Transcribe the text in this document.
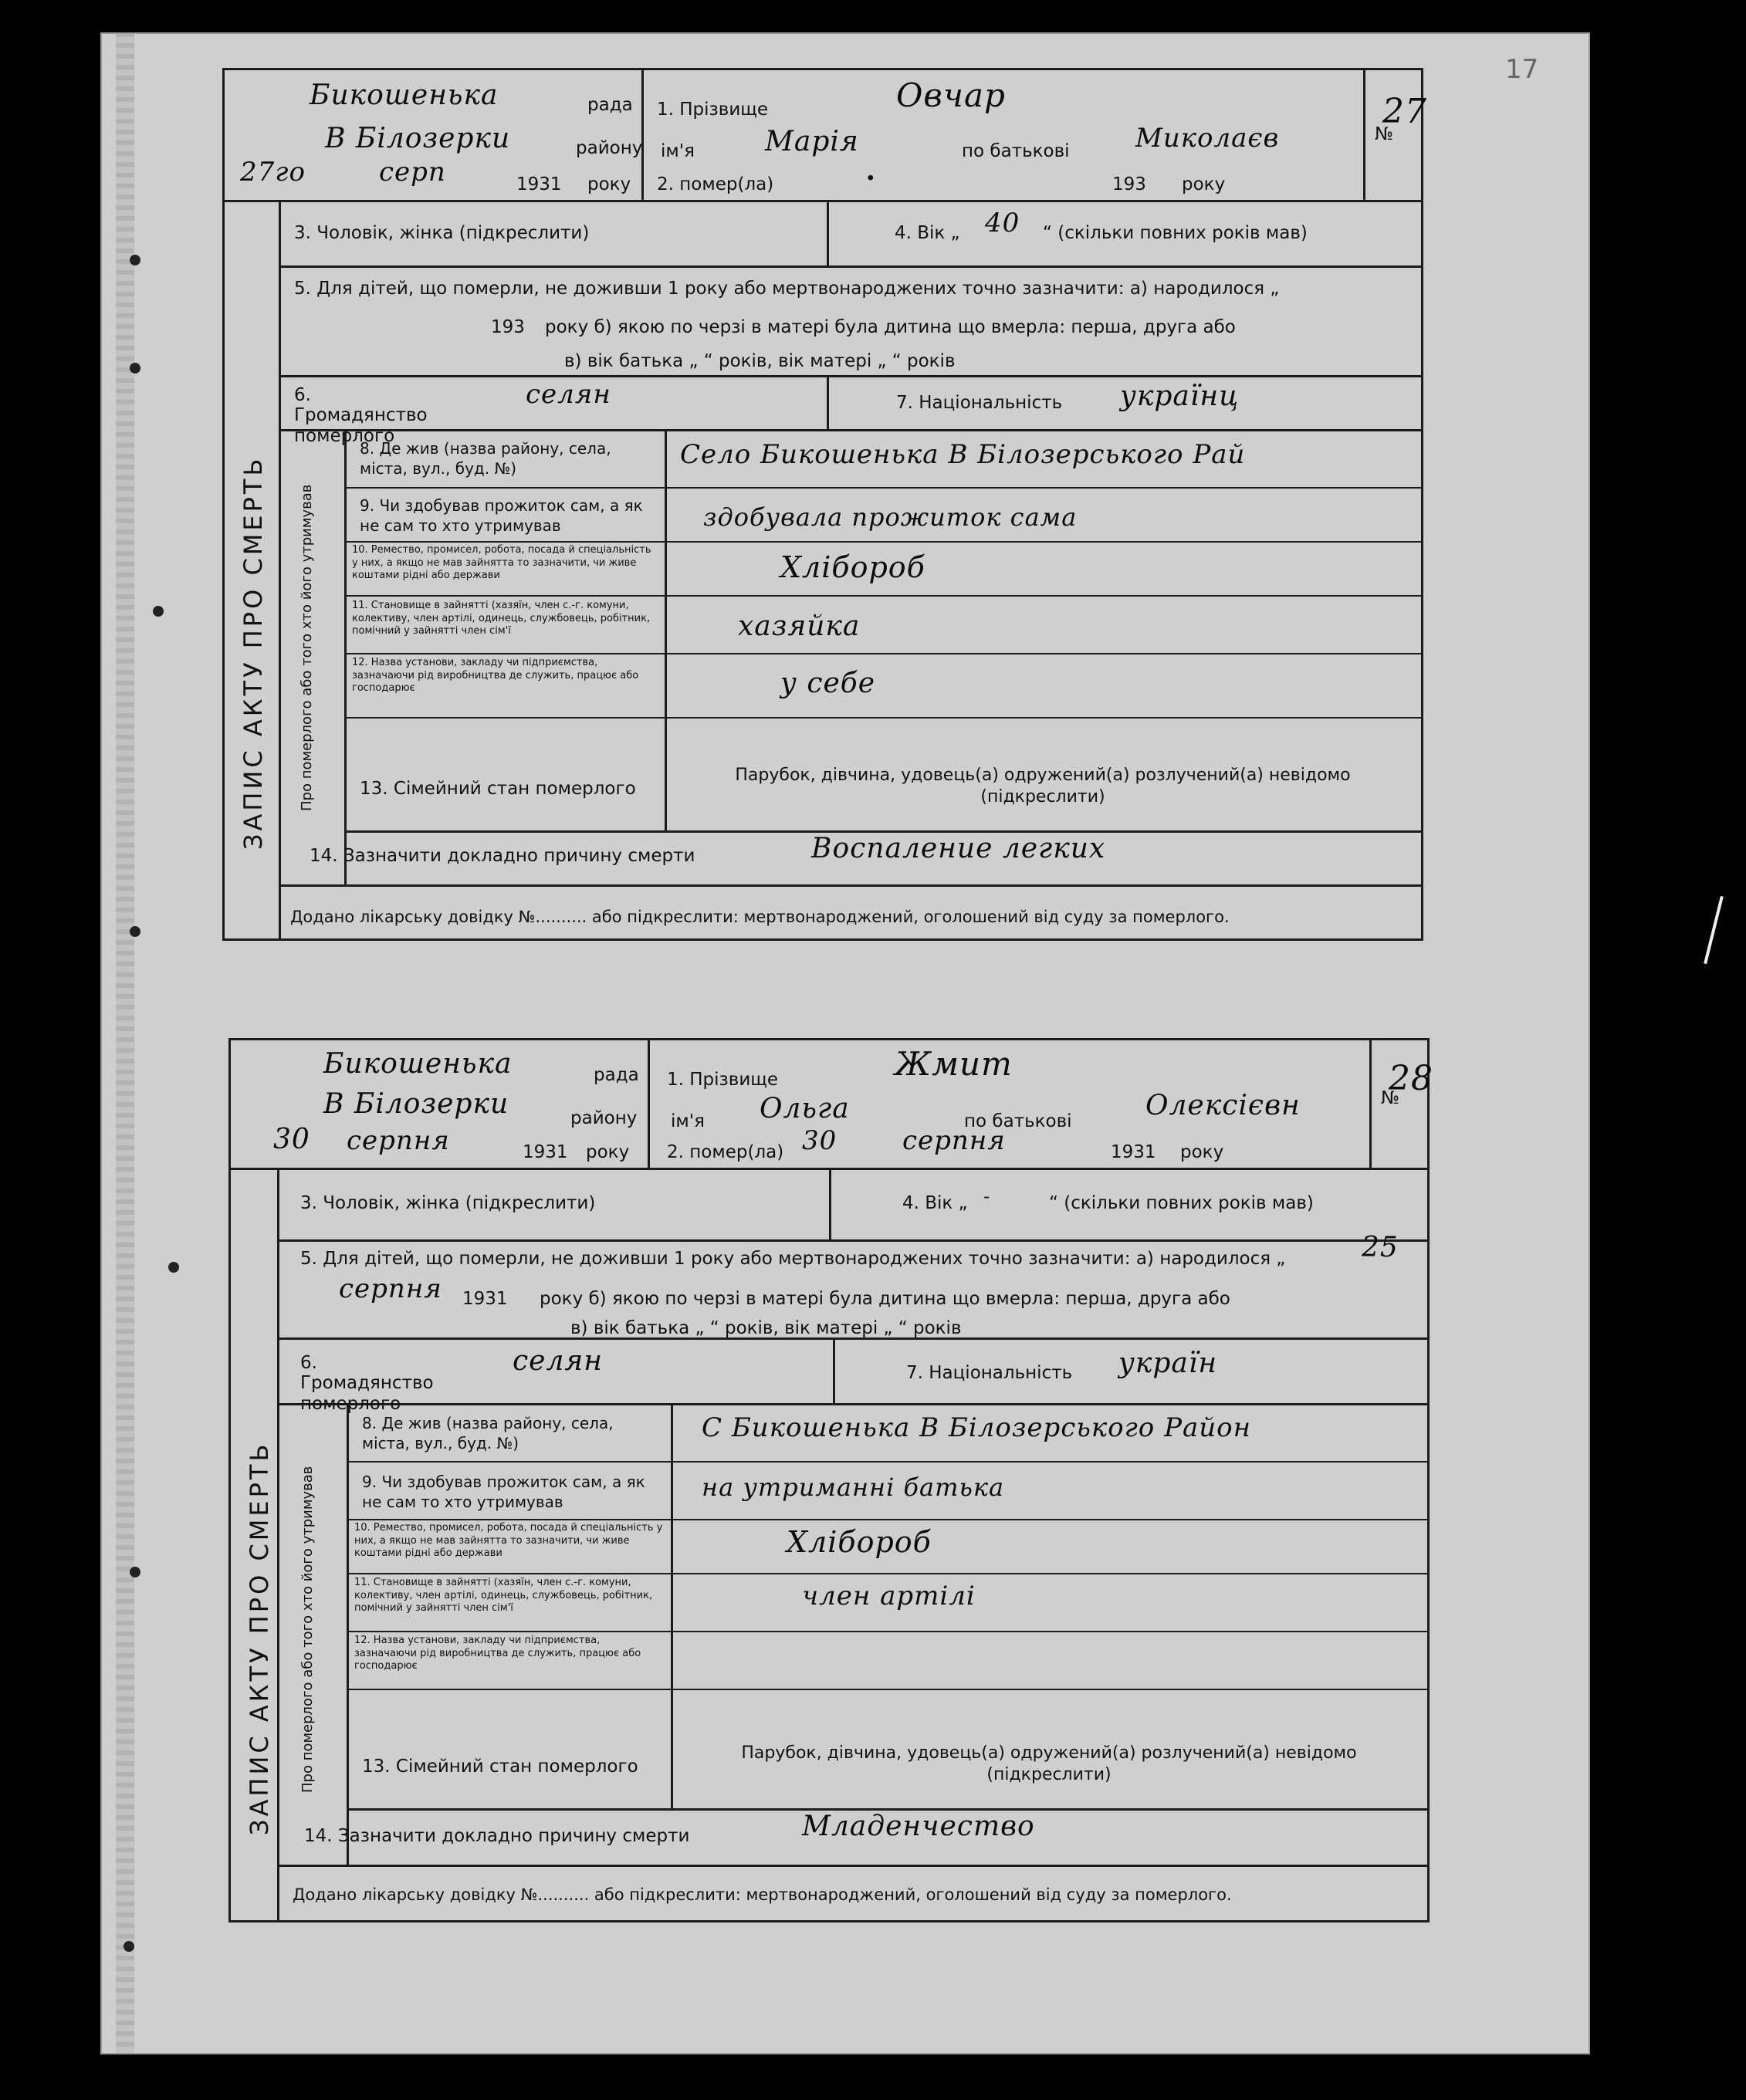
17
Бикошенька	рада
В Білозерки	району
27го	серп	1931 року
1. Прізвище	Овчар
ім'я	Марія	по батькові	Миколаєв
2. помер(ла)	•	193 року
№
27
ЗАПИС АКТУ ПРО СМЕРТЬ Про померлого або того хто його утримував
3. Чоловік, жінка (підкреслити)	4. Вік „ 40 “ (скільки повних років мав)
5. Для дітей, що померли, не доживши 1 року або мертвонароджених точно зазначити: а) народилося „
193 року б) якою по черзі в матері була дитина що вмерла: перша, друга або
в) вік батька „ “ років, вік матері „ “ років
6. Громадянство померлого
селян	7. Національність українц
8. Де жив (назва району, села, міста, вул., буд. №)	Село Бикошенька В Білозерського Рай
9. Чи здобував прожиток сам, а як не сам то хто утримував	здобувала прожиток сама
10. Ремество, промисел, робота, посада й спеціальність у них, а якщо не мав зайнятта то зазначити, чи живе коштами рідні або держави	Хлібороб
11. Становище в зайнятті (хазяїн, член с.-г. комуни, колективу, член артілі, одинець, службовець, робітник, помічний у зайнятті член сім'ї	хазяйка
12. Назва установи, закладу чи підприємства, зазначаючи рід виробництва де служить, працює або господарює	у себе
13. Сімейний стан померлого
Парубок, дівчина, удовець(а) одружений(а) розлучений(а) невідомо (підкреслити)
14. Зазначити докладно причину смерти	Воспаление легких
Додано лікарську довідку №.......... або підкреслити: мертвонароджений, оголошений від суду за померлого.
Бикошенька	рада
В Білозерки	району
30 серпня	1931 року
1. Прізвище	Жмит
ім'я Ольга	по батькові	Олексієвн
2. помер(ла) 30 серпня	1931 року
№
28
ЗАПИС АКТУ ПРО СМЕРТЬ Про померлого або того хто його утримував
3. Чоловік, жінка (підкреслити)	4. Вік „ -	“ (скільки повних років мав)
5. Для дітей, що померли, не доживши 1 року або мертвонароджених точно зазначити: а) народилося „	25
серпня 1931 року б) якою по черзі в матері була дитина що вмерла: перша, друга або
в) вік батька „ “ років, вік матері „ “ років
6. Громадянство померлого
селян	7. Національність україн
8. Де жив (назва району, села, міста, вул., буд. №)	С Бикошенька В Білозерського Район
9. Чи здобував прожиток сам, а як не сам то хто утримував	на утриманні батька
10. Ремество, промисел, робота, посада й спеціальність у них, а якщо не мав зайнятта то зазначити, чи живе коштами рідні або держави	Хлібороб
11. Становище в зайнятті (хазяїн, член с.-г. комуни, колективу, член артілі, одинець, службовець, робітник, помічний у зайнятті член сім'ї	член артілі
12. Назва установи, закладу чи підприємства, зазначаючи рід виробництва де служить, працює або господарює
13. Сімейний стан померлого
Парубок, дівчина, удовець(а) одружений(а) розлучений(а) невідомо (підкреслити)
14. Зазначити докладно причину смерти	Младенчество
Додано лікарську довідку №.......... або підкреслити: мертвонароджений, оголошений від суду за померлого.
